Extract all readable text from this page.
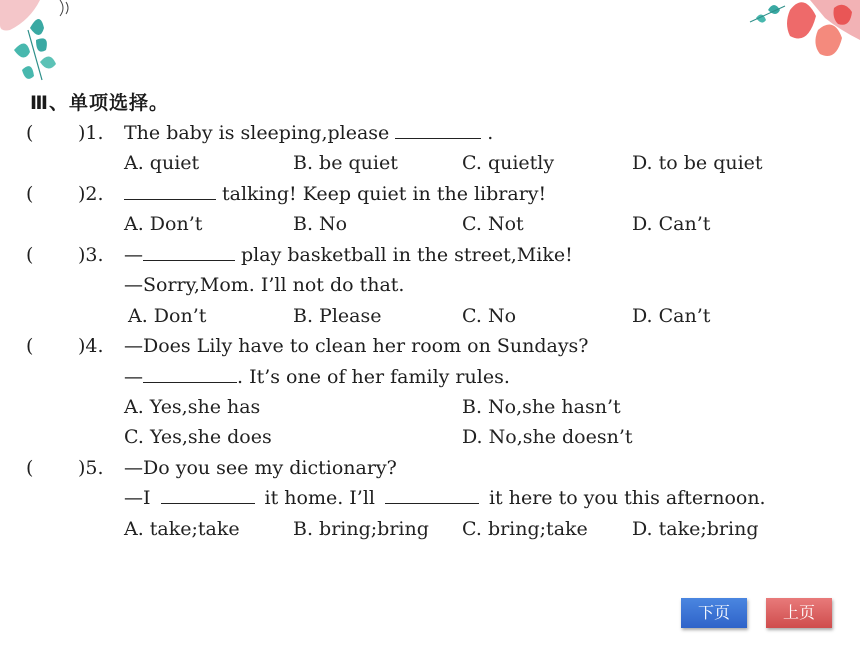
Ⅲ、单项选择。
( )1. The baby is sleeping,please	.
A. quiet	B. be quiet	C. quietly	D. to be quiet
( )2.	talking! Keep quiet in the library!
A. Don’t	B. No	C. Not	D. Can’t
( )3. —	play basketball in the street,Mike!
—Sorry,Mom. I’ll not do that.
A. Don’t	B. Please	C. No	D. Can’t
( )4. —Does Lily have to clean her room on Sundays?
—	. It’s one of her family rules.
A. Yes,she has	B. No,she hasn’t
C. Yes,she does	D. No,she doesn’t
( )5. —Do you see my dictionary?
—I	it home. I’ll	it here to you this afternoon.
A. take;take	B. bring;bring C. bring;take D. take;bring
下页	上页
